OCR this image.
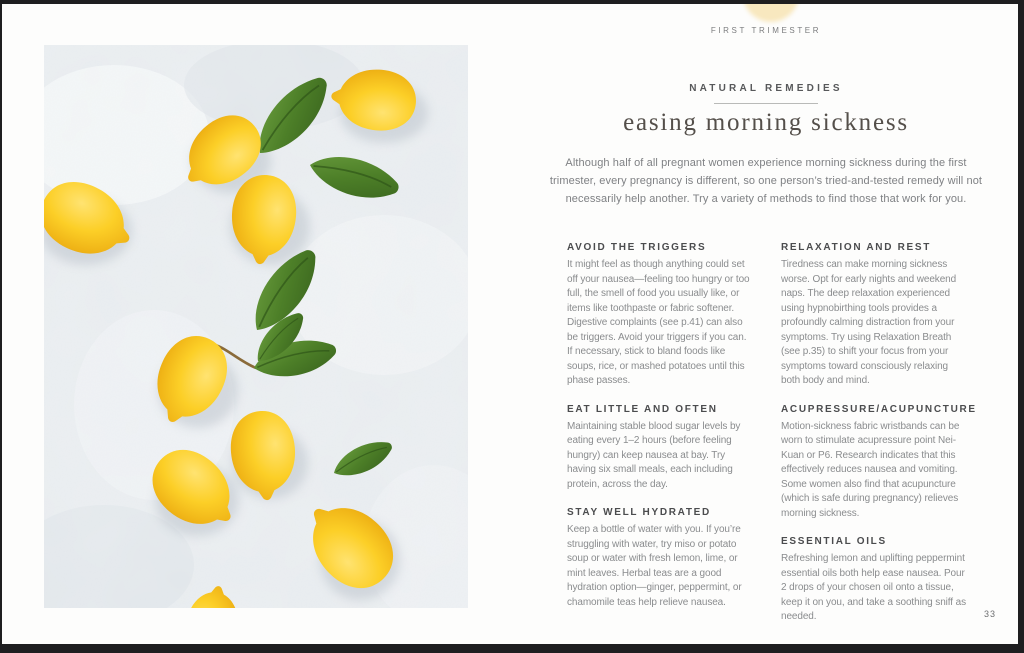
FIRST TRIMESTER
NATURAL REMEDIES
easing morning sickness

Although half of all pregnant women experience morning sickness during the first trimester, every pregnancy is different, so one person’s tried-and-tested remedy will not necessarily help another. Try a variety of methods to find those that work for you.

AVOID THE TRIGGERS
It might feel as though anything could set off your nausea—feeling too hungry or too full, the smell of food you usually like, or items like toothpaste or fabric softener. Digestive complaints (see p.41) can also be triggers. Avoid your triggers if you can. If necessary, stick to bland foods like soups, rice, or mashed potatoes until this phase passes.
EAT LITTLE AND OFTEN
Maintaining stable blood sugar levels by eating every 1–2 hours (before feeling hungry) can keep nausea at bay. Try having six small meals, each including protein, across the day.
STAY WELL HYDRATED
Keep a bottle of water with you. If you’re struggling with water, try miso or potato soup or water with fresh lemon, lime, or mint leaves. Herbal teas are a good hydration option—ginger, peppermint, or chamomile teas help relieve nausea.
RELAXATION AND REST
Tiredness can make morning sickness worse. Opt for early nights and weekend naps. The deep relaxation experienced using hypnobirthing tools provides a profoundly calming distraction from your symptoms. Try using Relaxation Breath (see p.35) to shift your focus from your symptoms toward consciously relaxing both body and mind.
ACUPRESSURE/ACUPUNCTURE
Motion-sickness fabric wristbands can be worn to stimulate acupressure point Nei-Kuan or P6. Research indicates that this effectively reduces nausea and vomiting. Some women also find that acupuncture (which is safe during pregnancy) relieves morning sickness.
ESSENTIAL OILS
Refreshing lemon and uplifting peppermint essential oils both help ease nausea. Pour 2 drops of your chosen oil onto a tissue, keep it on you, and take a soothing sniff as needed.	33
